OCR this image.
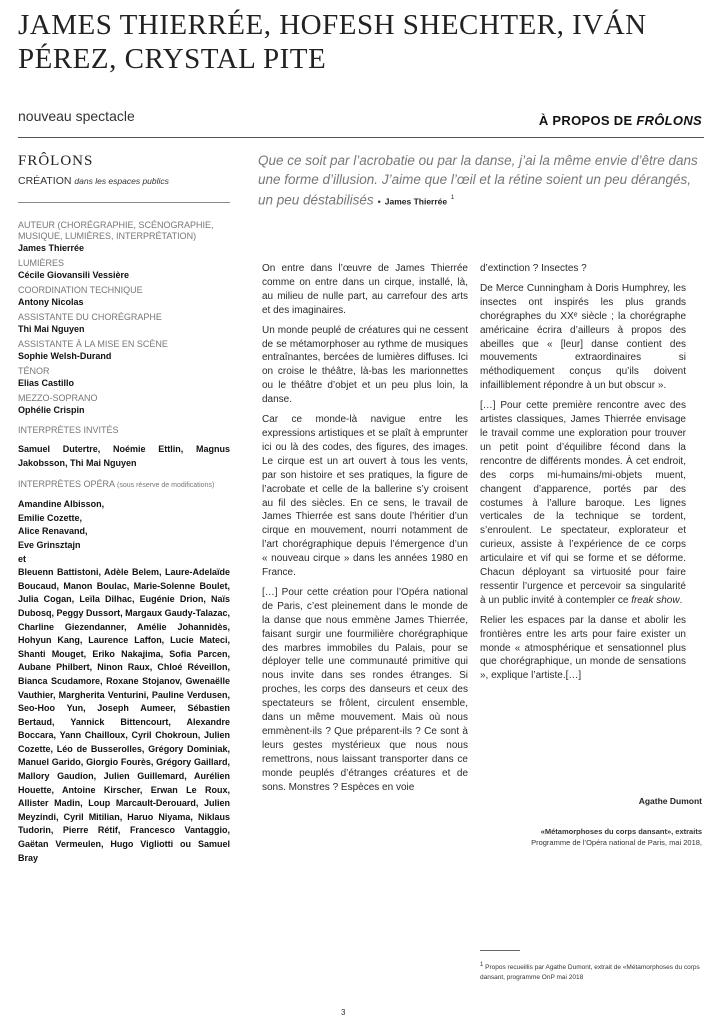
JAMES THIERRÉE, HOFESH SHECHTER, IVÁN PÉREZ, CRYSTAL PITE
nouveau spectacle	À PROPOS DE FRÔLONS
FRÔLONS
CRÉATION dans les espaces publics
AUTEUR (CHORÉGRAPHIE, SCÉNOGRAPHIE, MUSIQUE, LUMIÈRES, INTERPRÉTATION)
James Thierrée
LUMIÈRES
Cécile Giovansili Vessière
COORDINATION TECHNIQUE
Antony Nicolas
ASSISTANTE DU CHORÉGRAPHE
Thi Mai Nguyen
ASSISTANTE À LA MISE EN SCÈNE
Sophie Welsh-Durand
TÉNOR
Elias Castillo
MEZZO-SOPRANO
Ophélie Crispin
INTERPRÈTES INVITÉS
Samuel Dutertre, Noémie Ettlin, Magnus Jakobsson, Thi Mai Nguyen
INTERPRÈTES OPÉRA (sous réserve de modifications)
Amandine Albisson,
Emilie Cozette,
Alice Renavand,
Eve Grinsztajn
et
Bleuenn Battistoni, Adèle Belem, Laure-Adelaïde Boucaud, Manon Boulac, Marie-Solenne Boulet, Julia Cogan, Leïla Dilhac, Eugénie Drion, Naïs Dubosq, Peggy Dussort, Margaux Gaudy-Talazac, Charline Giezendanner, Amélie Johannidès, Hohyun Kang, Laurence Laffon, Lucie Mateci, Shanti Mouget, Eriko Nakajima, Sofia Parcen, Aubane Philbert, Ninon Raux, Chloé Réveillon, Bianca Scudamore, Roxane Stojanov, Gwenaëlle Vauthier, Margherita Venturini, Pauline Verdusen, Seo-Hoo Yun, Joseph Aumeer, Sébastien Bertaud, Yannick Bittencourt, Alexandre Boccara, Yann Chailloux, Cyril Chokroun, Julien Cozette, Léo de Busserolles, Grégory Dominiak, Manuel Garido, Giorgio Fourès, Grégory Gaillard, Mallory Gaudion, Julien Guillemard, Aurélien Houette, Antoine Kirscher, Erwan Le Roux, Allister Madin, Loup Marcault-Derouard, Julien Meyzindi, Cyril Mitilian, Haruo Niyama, Niklaus Tudorin, Pierre Rétif, Francesco Vantaggio, Gaëtan Vermeulen, Hugo Vigliotti ou Samuel Bray
Que ce soit par l’acrobatie ou par la danse, j’ai la même envie d’être dans une forme d’illusion. J’aime que l’œil et la rétine soient un peu dérangés, un peu déstabilisés • James Thierrée $^1$

On entre dans l’œuvre de James Thierrée comme on entre dans un cirque, installé, là, au milieu de nulle part, au carrefour des arts et des imaginaires.

Un monde peuplé de créatures qui ne cessent de se métamorphoser au rythme de musiques entraînantes, bercées de lumières diffuses. Ici on croise le théâtre, là-bas les marionnettes ou le théâtre d’objet et un peu plus loin, la danse.

Car ce monde-là navigue entre les expressions artistiques et se plaît à emprunter ici ou là des codes, des figures, des images. Le cirque est un art ouvert à tous les vents, par son histoire et ses pratiques, la figure de l’acrobate et celle de la ballerine s’y croisent au fil des siècles. En ce sens, le travail de James Thierrée est sans doute l’héritier d’un cirque en mouvement, nourri notamment de l’art chorégraphique depuis l’émergence d’un « nouveau cirque » dans les années 1980 en France.

[…] Pour cette création pour l’Opéra national de Paris, c’est pleinement dans le monde de la danse que nous emmène James Thierrée, faisant surgir une fourmilière chorégraphique des marbres immobiles du Palais, pour se déployer telle une communauté primitive qui nous invite dans ses rondes étranges. Si proches, les corps des danseurs et ceux des spectateurs se frôlent, circulent ensemble, dans un même mouvement. Mais où nous emmènent-ils ? Que préparent-ils ? Ce sont à leurs gestes mystérieux que nous nous remettrons, nous laissant transporter dans ce monde peuplés d’étranges créatures et de sons. Monstres ? Espèces en voie

d’extinction ? Insectes ?

De Merce Cunningham à Doris Humphrey, les insectes ont inspirés les plus grands chorégraphes du XXᵉ siècle ; la chorégraphe américaine écrira d’ailleurs à propos des abeilles que « [leur] danse contient des mouvements extraordinaires si méthodiquement conçus qu’ils doivent infailliblement répondre à un but obscur ».

[…] Pour cette première rencontre avec des artistes classiques, James Thierrée envisage le travail comme une exploration pour trouver un petit point d’équilibre fécond dans la rencontre de différents mondes. À cet endroit, des corps mi-humains/mi-objets muent, changent d’apparence, portés par des costumes à l’allure baroque. Les lignes verticales de la technique se tordent, s’enroulent. Le spectateur, explorateur et curieux, assiste à l’expérience de ce corps articulaire et vif qui se forme et se déforme. Chacun déployant sa virtuosité pour faire ressentir l’urgence et percevoir sa singularité à un public invité à contempler ce freak show.

Relier les espaces par la danse et abolir les frontières entre les arts pour faire exister un monde « atmosphérique et sensationnel plus que chorégraphique, un monde de sensations », explique l’artiste.[…]

Agathe Dumont
«Métamorphoses du corps dansant», extraits
Programme de l’Opéra national de Paris, mai 2018,
1 Propos recueillis par Agathe Dumont, extrait de «Métamorphoses du corps dansant, programme OnP mai 2018
3
